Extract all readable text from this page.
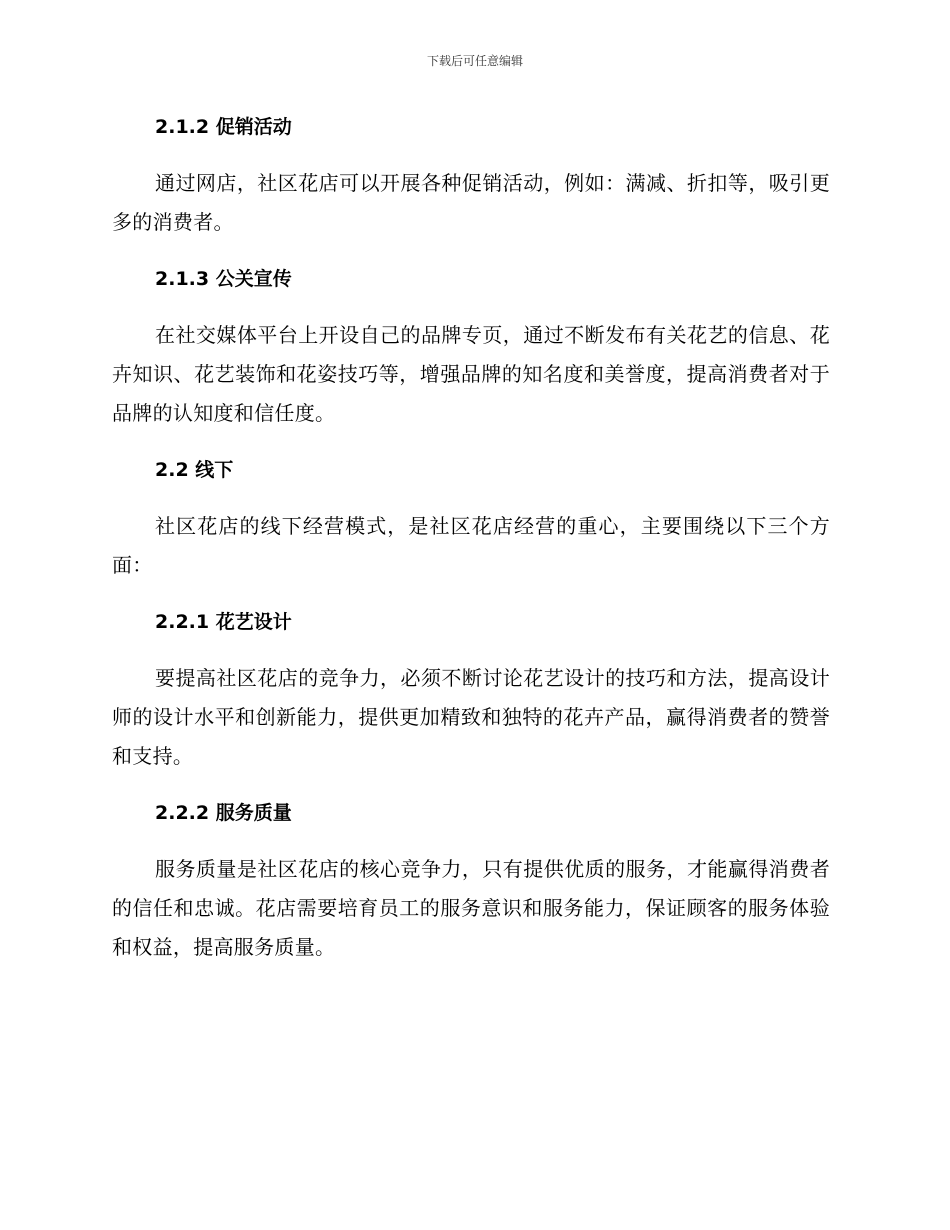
下载后可任意编辑
2.1.2 促销活动

通过网店，社区花店可以开展各种促销活动，例如：满减、折扣等，吸引更多的消费者。

2.1.3 公关宣传

在社交媒体平台上开设自己的品牌专页，通过不断发布有关花艺的信息、花卉知识、花艺装饰和花姿技巧等，增强品牌的知名度和美誉度，提高消费者对于品牌的认知度和信任度。

2.2 线下

社区花店的线下经营模式，是社区花店经营的重心，主要围绕以下三个方面：

2.2.1 花艺设计

要提高社区花店的竞争力，必须不断讨论花艺设计的技巧和方法，提高设计师的设计水平和创新能力，提供更加精致和独特的花卉产品，赢得消费者的赞誉和支持。

2.2.2 服务质量

服务质量是社区花店的核心竞争力，只有提供优质的服务，才能赢得消费者的信任和忠诚。花店需要培育员工的服务意识和服务能力，保证顾客的服务体验和权益，提高服务质量。
